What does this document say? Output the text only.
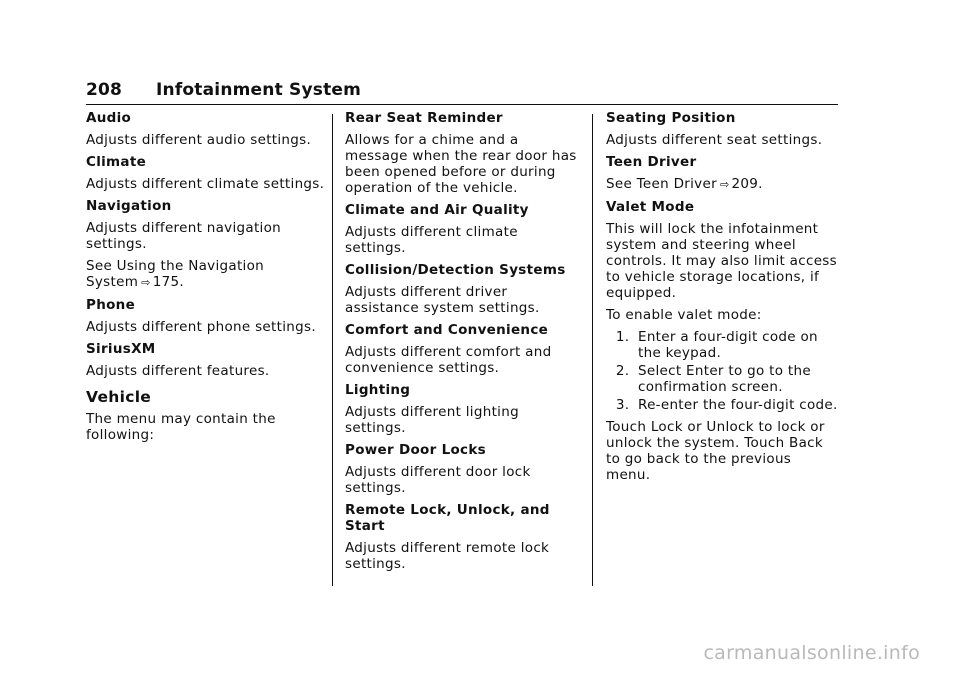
208 Infotainment System
Audio
Adjusts different audio settings.
Climate
Adjusts different climate settings.
Navigation
Adjusts different navigation settings.
See Using the Navigation System ⇨ 175.
Phone
Adjusts different phone settings.
SiriusXM
Adjusts different features.
Vehicle
The menu may contain the following:
Rear Seat Reminder
Allows for a chime and a message when the rear door has been opened before or during operation of the vehicle.
Climate and Air Quality
Adjusts different climate settings.
Collision/Detection Systems
Adjusts different driver assistance system settings.
Comfort and Convenience
Adjusts different comfort and convenience settings.
Lighting
Adjusts different lighting settings.
Power Door Locks
Adjusts different door lock settings.
Remote Lock, Unlock, and Start
Adjusts different remote lock settings.
Seating Position
Adjusts different seat settings.
Teen Driver
See Teen Driver ⇨ 209.
Valet Mode
This will lock the infotainment system and steering wheel controls. It may also limit access to vehicle storage locations, if equipped.
To enable valet mode:
1. Enter a four-digit code on the keypad.
2. Select Enter to go to the confirmation screen.
3. Re-enter the four-digit code.
Touch Lock or Unlock to lock or unlock the system. Touch Back to go back to the previous menu.
carmanualsonline.info
